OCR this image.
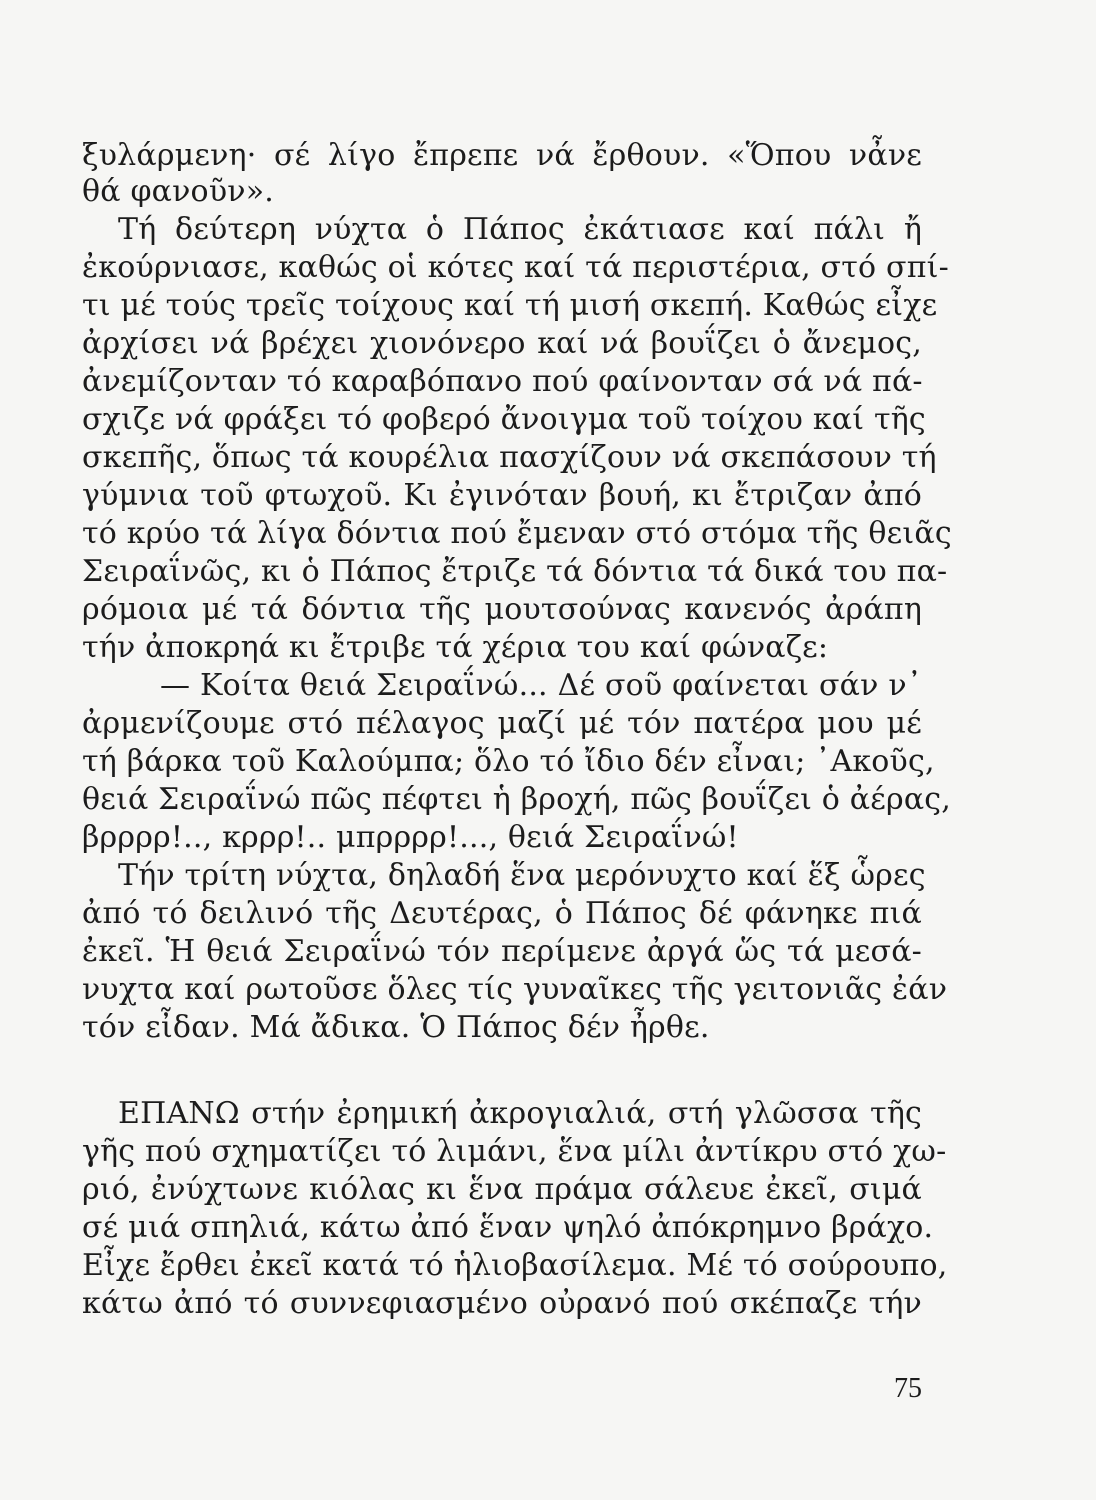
ξυλάρμενη· σέ λίγο ἔπρεπε νά ἔρθουν. «Ὅπου νἆνε
θά φανοῦν».
Τή δεύτερη νύχτα ὁ Πάπος ἐκάτιασε καί πάλι ἤ
ἐκούρνιασε, καθώς οἱ κότες καί τά περιστέρια, στό σπί-
τι μέ τούς τρεῖς τοίχους καί τή μισή σκεπή. Καθώς εἶχε
ἀρχίσει νά βρέχει χιονόνερο καί νά βουΐζει ὁ ἄνεμος,
ἀνεμίζονταν τό καραβόπανο πού φαίνονταν σά νά πά-
σχιζε νά φράξει τό φοβερό ἄνοιγμα τοῦ τοίχου καί τῆς
σκεπῆς, ὅπως τά κουρέλια πασχίζουν νά σκεπάσουν τή
γύμνια τοῦ φτωχοῦ. Κι ἐγινόταν βουή, κι ἔτριζαν ἀπό
τό κρύο τά λίγα δόντια πού ἔμεναν στό στόμα τῆς θειᾶς
Σειραΐνῶς, κι ὁ Πάπος ἔτριζε τά δόντια τά δικά του πα-
ρόμοια μέ τά δόντια τῆς μουτσούνας κανενός ἀράπη
τήν ἀποκρηά κι ἔτριβε τά χέρια του καί φώναζε:
— Κοίτα θειά Σειραΐνώ... Δέ σοῦ φαίνεται σάν ν᾽
ἀρμενίζουμε στό πέλαγος μαζί μέ τόν πατέρα μου μέ
τή βάρκα τοῦ Καλούμπα; ὅλο τό ἴδιο δέν εἶναι; ᾽Ακοῦς,
θειά Σειραΐνώ πῶς πέφτει ἡ βροχή, πῶς βουΐζει ὁ ἀέρας,
βρρρρ!.., κρρρ!.. μπρρρρ!..., θειά Σειραΐνώ!
Τήν τρίτη νύχτα, δηλαδή ἕνα μερόνυχτο καί ἕξ ὧρες
ἀπό τό δειλινό τῆς Δευτέρας, ὁ Πάπος δέ φάνηκε πιά
ἐκεῖ. Ἡ θειά Σειραΐνώ τόν περίμενε ἀργά ὥς τά μεσά-
νυχτα καί ρωτοῦσε ὅλες τίς γυναῖκες τῆς γειτονιᾶς ἐάν
τόν εἶδαν. Μά ἄδικα. Ὁ Πάπος δέν ἦρθε.
ΕΠΑΝΩ στήν ἐρημική ἀκρογιαλιά, στή γλῶσσα τῆς
γῆς πού σχηματίζει τό λιμάνι, ἕνα μίλι ἀντίκρυ στό χω-
ριό, ἐνύχτωνε κιόλας κι ἕνα πράμα σάλευε ἐκεῖ, σιμά
σέ μιά σπηλιά, κάτω ἀπό ἕναν ψηλό ἀπόκρημνο βράχο.
Εἶχε ἔρθει ἐκεῖ κατά τό ἡλιοβασίλεμα. Μέ τό σούρουπο,
κάτω ἀπό τό συννεφιασμένο οὐρανό πού σκέπαζε τήν
75
